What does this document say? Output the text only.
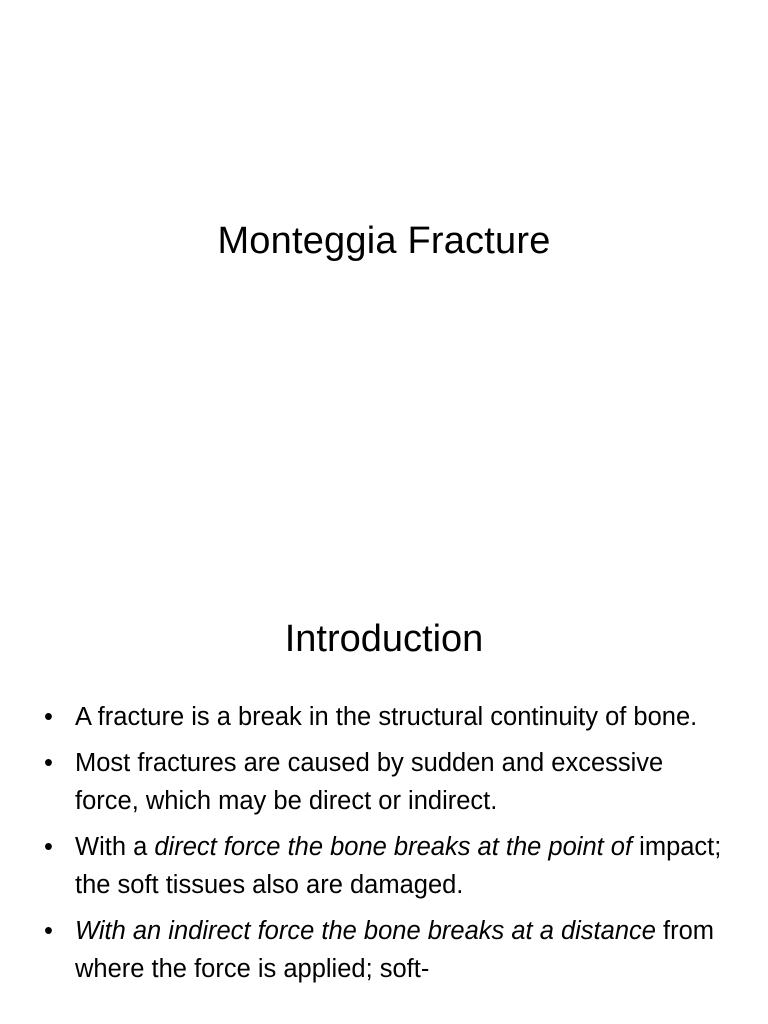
Monteggia Fracture
Introduction
• A fracture is a break in the structural continuity of bone.
• Most fractures are caused by sudden and excessive force, which may be direct or indirect.
• With a direct force the bone breaks at the point of impact; the soft tissues also are damaged.
• With an indirect force the bone breaks at a distance from where the force is applied; soft-
